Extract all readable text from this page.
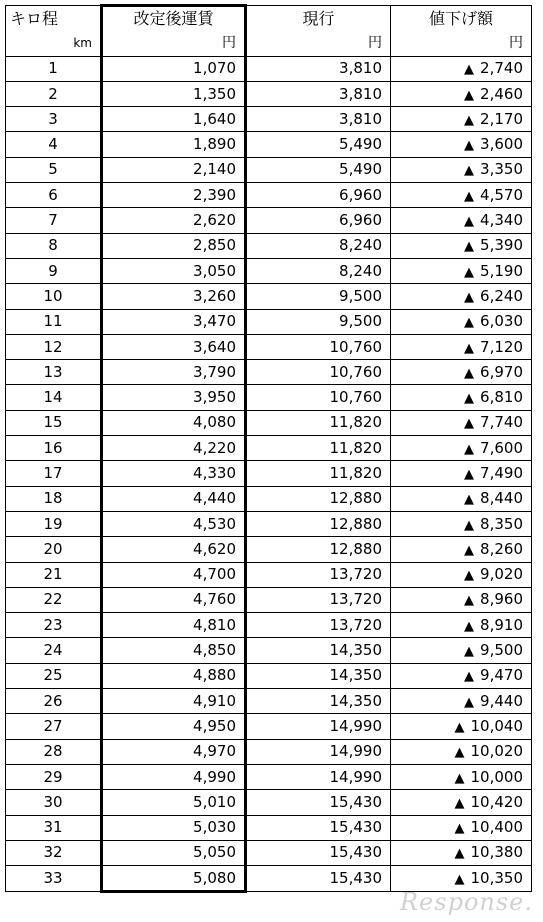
キロ程	改定後運賃	現行	値下げ額
km	円	円	円
1	1,070	3,810	▲ 2,740
2	1,350	3,810	▲ 2,460
3	1,640	3,810	▲ 2,170
4	1,890	5,490	▲ 3,600
5	2,140	5,490	▲ 3,350
6	2,390	6,960	▲ 4,570
7	2,620	6,960	▲ 4,340
8	2,850	8,240	▲ 5,390
9	3,050	8,240	▲ 5,190
10	3,260	9,500	▲ 6,240
11	3,470	9,500	▲ 6,030
12	3,640	10,760	▲ 7,120
13	3,790	10,760	▲ 6,970
14	3,950	10,760	▲ 6,810
15	4,080	11,820	▲ 7,740
16	4,220	11,820	▲ 7,600
17	4,330	11,820	▲ 7,490
18	4,440	12,880	▲ 8,440
19	4,530	12,880	▲ 8,350
20	4,620	12,880	▲ 8,260
21	4,700	13,720	▲ 9,020
22	4,760	13,720	▲ 8,960
23	4,810	13,720	▲ 8,910
24	4,850	14,350	▲ 9,500
25	4,880	14,350	▲ 9,470
26	4,910	14,350	▲ 9,440
27	4,950	14,990	▲ 10,040
28	4,970	14,990	▲ 10,020
29	4,990	14,990	▲ 10,000
30	5,010	15,430	▲ 10,420
31	5,030	15,430	▲ 10,400
32	5,050	15,430	▲ 10,380
33	5,080	15,430	▲ 10,350
Response.
